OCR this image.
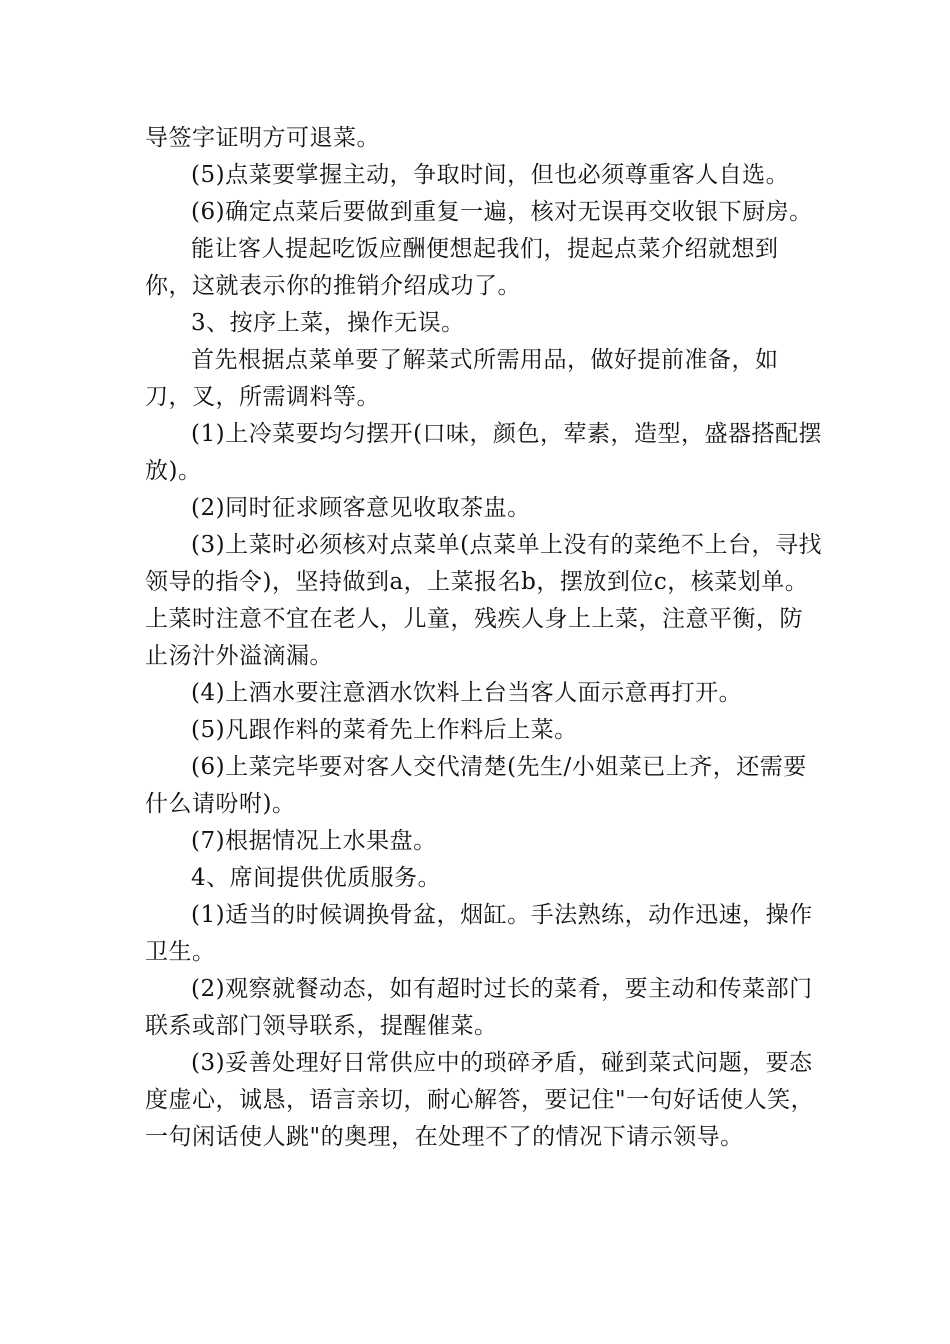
导签字证明方可退菜。

(5)点菜要掌握主动，争取时间，但也必须尊重客人自选。

(6)确定点菜后要做到重复一遍，核对无误再交收银下厨房。

能让客人提起吃饭应酬便想起我们，提起点菜介绍就想到你，这就表示你的推销介绍成功了。

3、按序上菜，操作无误。

首先根据点菜单要了解菜式所需用品，做好提前准备，如刀，叉，所需调料等。

(1)上冷菜要均匀摆开(口味，颜色，荤素，造型，盛器搭配摆放)。

(2)同时征求顾客意见收取茶盅。

(3)上菜时必须核对点菜单(点菜单上没有的菜绝不上台，寻找领导的指令)，坚持做到a，上菜报名b，摆放到位c，核菜划单。上菜时注意不宜在老人，儿童，残疾人身上上菜，注意平衡，防止汤汁外溢滴漏。

(4)上酒水要注意酒水饮料上台当客人面示意再打开。

(5)凡跟作料的菜肴先上作料后上菜。

(6)上菜完毕要对客人交代清楚(先生/小姐菜已上齐，还需要什么请吩咐)。

(7)根据情况上水果盘。

4、席间提供优质服务。

(1)适当的时候调换骨盆，烟缸。手法熟练，动作迅速，操作卫生。

(2)观察就餐动态，如有超时过长的菜肴，要主动和传菜部门联系或部门领导联系，提醒催菜。

(3)妥善处理好日常供应中的琐碎矛盾，碰到菜式问题，要态度虚心，诚恳，语言亲切，耐心解答，要记住"一句好话使人笑，一句闲话使人跳"的奥理，在处理不了的情况下请示领导。
